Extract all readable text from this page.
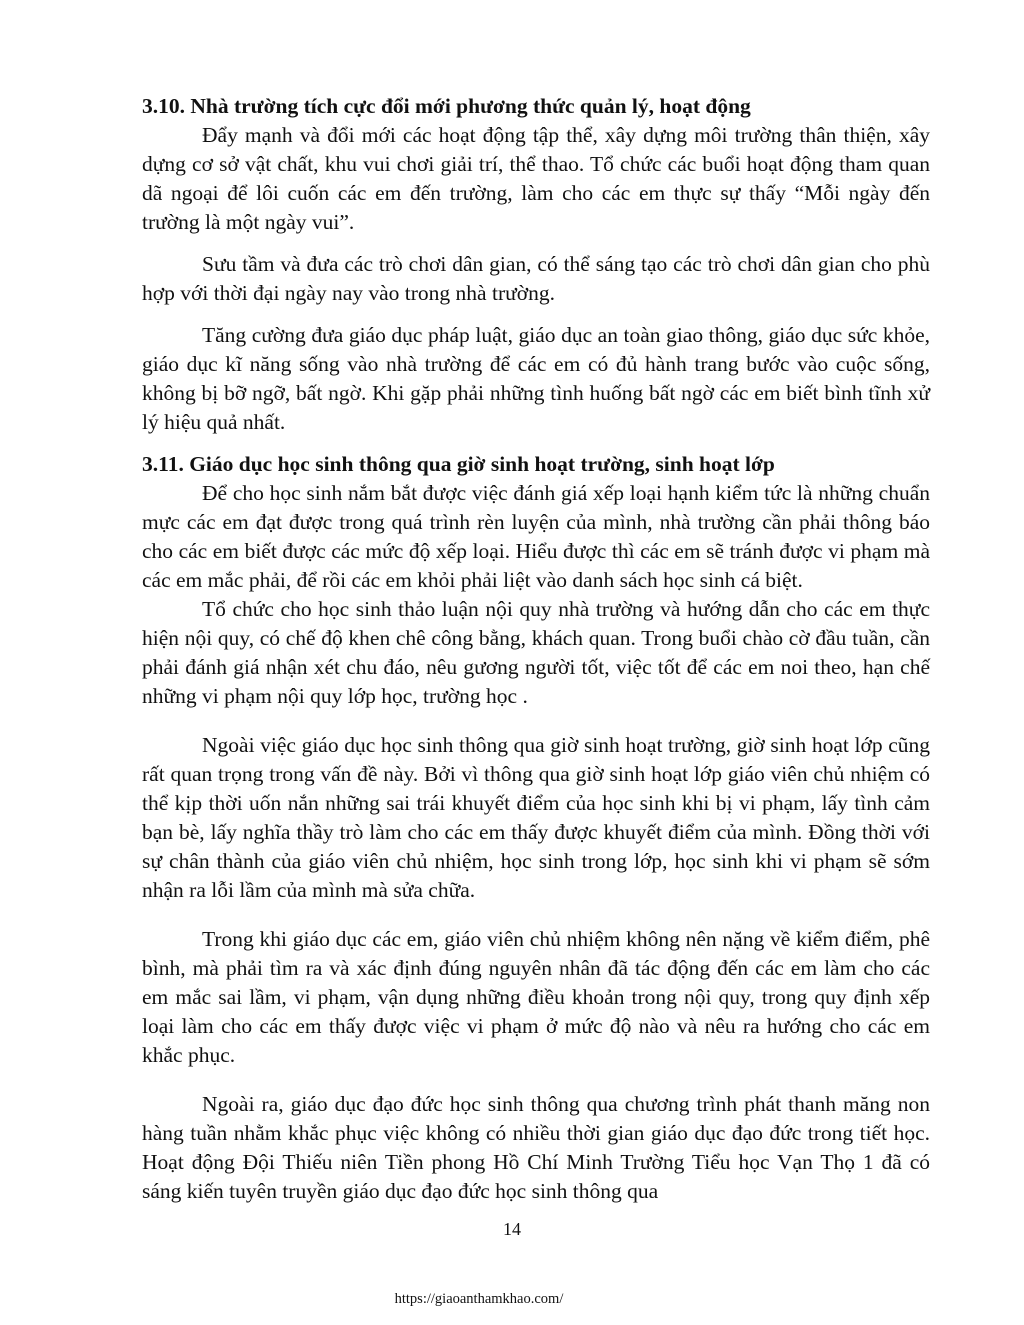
3.10. Nhà trường tích cực đổi mới phương thức quản lý, hoạt động

Đẩy mạnh và đổi mới các hoạt động tập thể, xây dựng môi trường thân thiện, xây dựng cơ sở vật chất, khu vui chơi giải trí, thể thao. Tổ chức các buổi hoạt động tham quan dã ngoại để lôi cuốn các em đến trường, làm cho các em thực sự thấy “Mỗi ngày đến trường là một ngày vui”.

Sưu tầm và đưa các trò chơi dân gian, có thể sáng tạo các trò chơi dân gian cho phù hợp với thời đại ngày nay vào trong nhà trường.

Tăng cường đưa giáo dục pháp luật, giáo dục an toàn giao thông, giáo dục sức khỏe, giáo dục kĩ năng sống vào nhà trường để các em có đủ hành trang bước vào cuộc sống, không bị bỡ ngỡ, bất ngờ. Khi gặp phải những tình huống bất ngờ các em biết bình tĩnh xử lý hiệu quả nhất.

3.11. Giáo dục học sinh thông qua giờ sinh hoạt trường, sinh hoạt lớp

Để cho học sinh nắm bắt được việc đánh giá xếp loại hạnh kiểm tức là những chuẩn mực các em đạt được trong quá trình rèn luyện của mình, nhà trường cần phải thông báo cho các em biết được các mức độ xếp loại. Hiểu được thì các em sẽ tránh được vi phạm mà các em mắc phải, để rồi các em khỏi phải liệt vào danh sách học sinh cá biệt.

Tổ chức cho học sinh thảo luận nội quy nhà trường và hướng dẫn cho các em thực hiện nội quy, có chế độ khen chê công bằng, khách quan. Trong buổi chào cờ đầu tuần, cần phải đánh giá nhận xét chu đáo, nêu gương người tốt, việc tốt để các em noi theo, hạn chế những vi phạm nội quy lớp học, trường học .

Ngoài việc giáo dục học sinh thông qua giờ sinh hoạt trường, giờ sinh hoạt lớp cũng rất quan trọng trong vấn đề này. Bởi vì thông qua giờ sinh hoạt lớp giáo viên chủ nhiệm có thể kịp thời uốn nắn những sai trái khuyết điểm của học sinh khi bị vi phạm, lấy tình cảm bạn bè, lấy nghĩa thầy trò làm cho các em thấy được khuyết điểm của mình. Đồng thời với sự chân thành của giáo viên chủ nhiệm, học sinh trong lớp, học sinh khi vi phạm sẽ sớm nhận ra lỗi lầm của mình mà sửa chữa.

Trong khi giáo dục các em, giáo viên chủ nhiệm không nên nặng về kiểm điểm, phê bình, mà phải tìm ra và xác định đúng nguyên nhân đã tác động đến các em làm cho các em mắc sai lầm, vi phạm, vận dụng những điều khoản trong nội quy, trong quy định xếp loại làm cho các em thấy được việc vi phạm ở mức độ nào và nêu ra hướng cho các em khắc phục.

Ngoài ra, giáo dục đạo đức học sinh thông qua chương trình phát thanh măng non hàng tuần nhằm khắc phục việc không có nhiều thời gian giáo dục đạo đức trong tiết học. Hoạt động Đội Thiếu niên Tiền phong Hồ Chí Minh Trường Tiểu học Vạn Thọ 1 đã có sáng kiến tuyên truyền giáo dục đạo đức học sinh thông qua

14
https://giaoanthamkhao.com/
